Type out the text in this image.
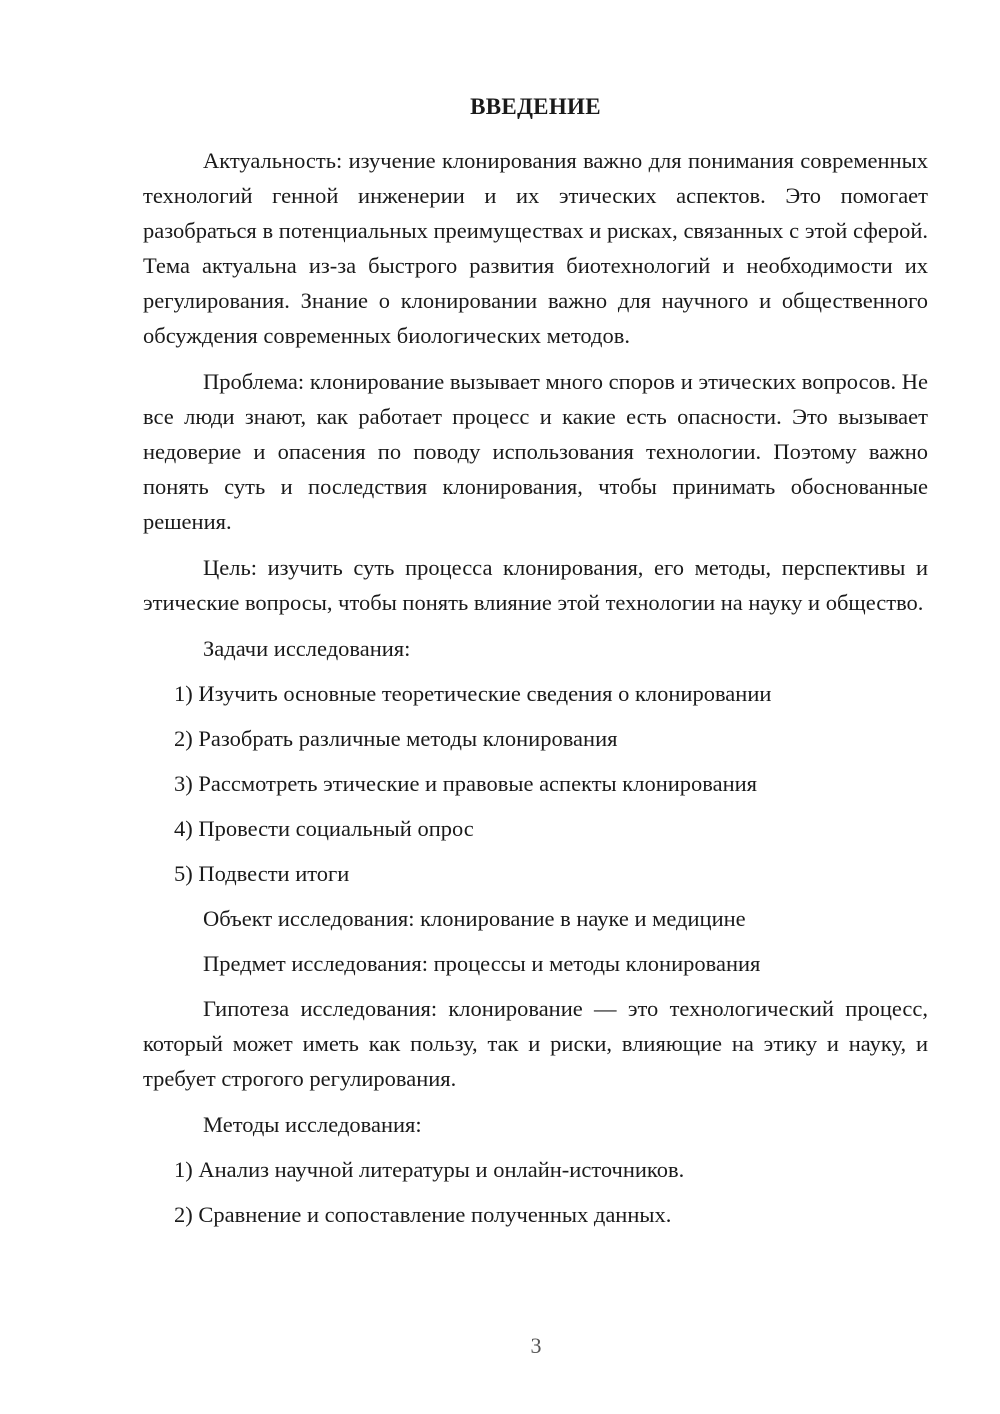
ВВЕДЕНИЕ

Актуальность: изучение клонирования важно для понимания современных технологий генной инженерии и их этических аспектов. Это помогает разобраться в потенциальных преимуществах и рисках, связанных с этой сферой. Тема актуальна из-за быстрого развития биотехнологий и необходимости их регулирования. Знание о клонировании важно для научного и общественного обсуждения современных биологических методов.

Проблема: клонирование вызывает много споров и этических вопросов. Не все люди знают, как работает процесс и какие есть опасности. Это вызывает недоверие и опасения по поводу использования технологии. Поэтому важно понять суть и последствия клонирования, чтобы принимать обоснованные решения.

Цель: изучить суть процесса клонирования, его методы, перспективы и этические вопросы, чтобы понять влияние этой технологии на науку и общество.

Задачи исследования:

1) Изучить основные теоретические сведения о клонировании

2) Разобрать различные методы клонирования

3) Рассмотреть этические и правовые аспекты клонирования

4) Провести социальный опрос

5) Подвести итоги

Объект исследования: клонирование в науке и медицине

Предмет исследования: процессы и методы клонирования

Гипотеза исследования: клонирование — это технологический процесс, который может иметь как пользу, так и риски, влияющие на этику и науку, и требует строгого регулирования.

Методы исследования:

1) Анализ научной литературы и онлайн-источников.

2) Сравнение и сопоставление полученных данных.

3
